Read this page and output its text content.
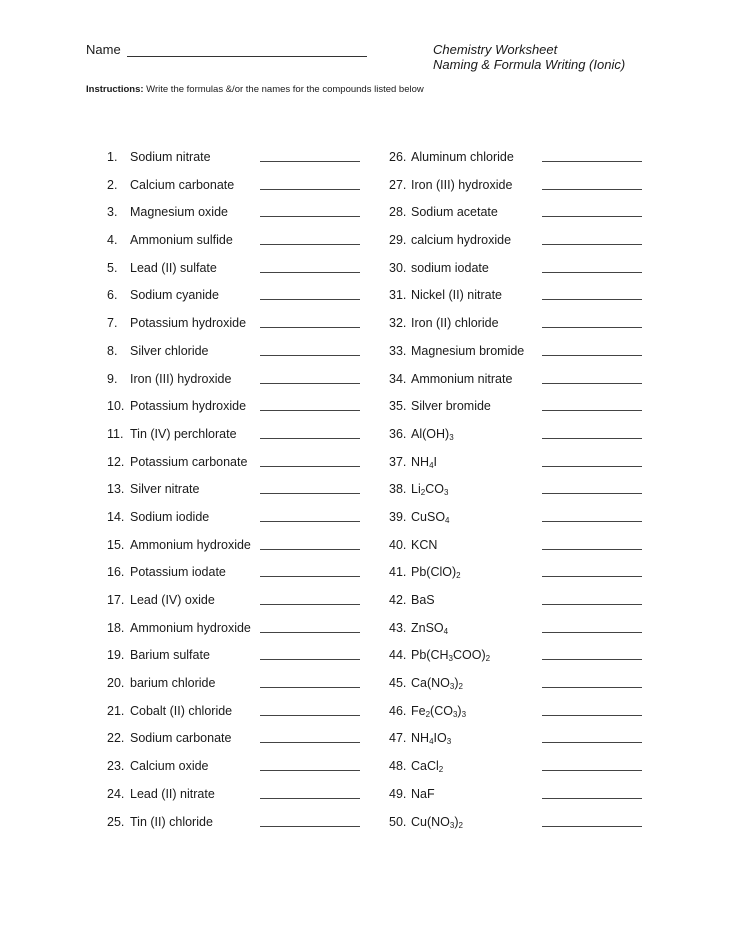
Name	Chemistry Worksheet
Naming & Formula Writing (Ionic)
Instructions: Write the formulas &/or the names for the compounds listed below
1. Sodium nitrate
2. Calcium carbonate
3. Magnesium oxide
4. Ammonium sulfide
5. Lead (II) sulfate
6. Sodium cyanide
7. Potassium hydroxide
8. Silver chloride
9. Iron (III) hydroxide
10. Potassium hydroxide
11. Tin (IV) perchlorate
12. Potassium carbonate
13. Silver nitrate
14. Sodium iodide
15. Ammonium hydroxide
16. Potassium iodate
17. Lead (IV) oxide
18. Ammonium hydroxide
19. Barium sulfate
20. barium chloride
21. Cobalt (II) chloride
22. Sodium carbonate
23. Calcium oxide
24. Lead (II) nitrate
25. Tin (II) chloride
26. Aluminum chloride
27. Iron (III) hydroxide
28. Sodium acetate
29. calcium hydroxide
30. sodium iodate
31. Nickel (II) nitrate
32. Iron (II) chloride
33. Magnesium bromide
34. Ammonium nitrate
35. Silver bromide
36. $Al(OH)_3$
37. $NH_4I$
38. $Li_2CO_3$
39. CuSO$_4$
40. KCN
41. $Pb(ClO)_2$
42. BaS
43. ZnSO$_4$
44. $Pb(CH_3COO)_2$
45. $Ca(NO_3)_2$
46. $Fe_2(CO_3)_3$
47. $NH_4IO_3$
48. CaCl$_2$
49. NaF
50. $Cu(NO_3)_2$
